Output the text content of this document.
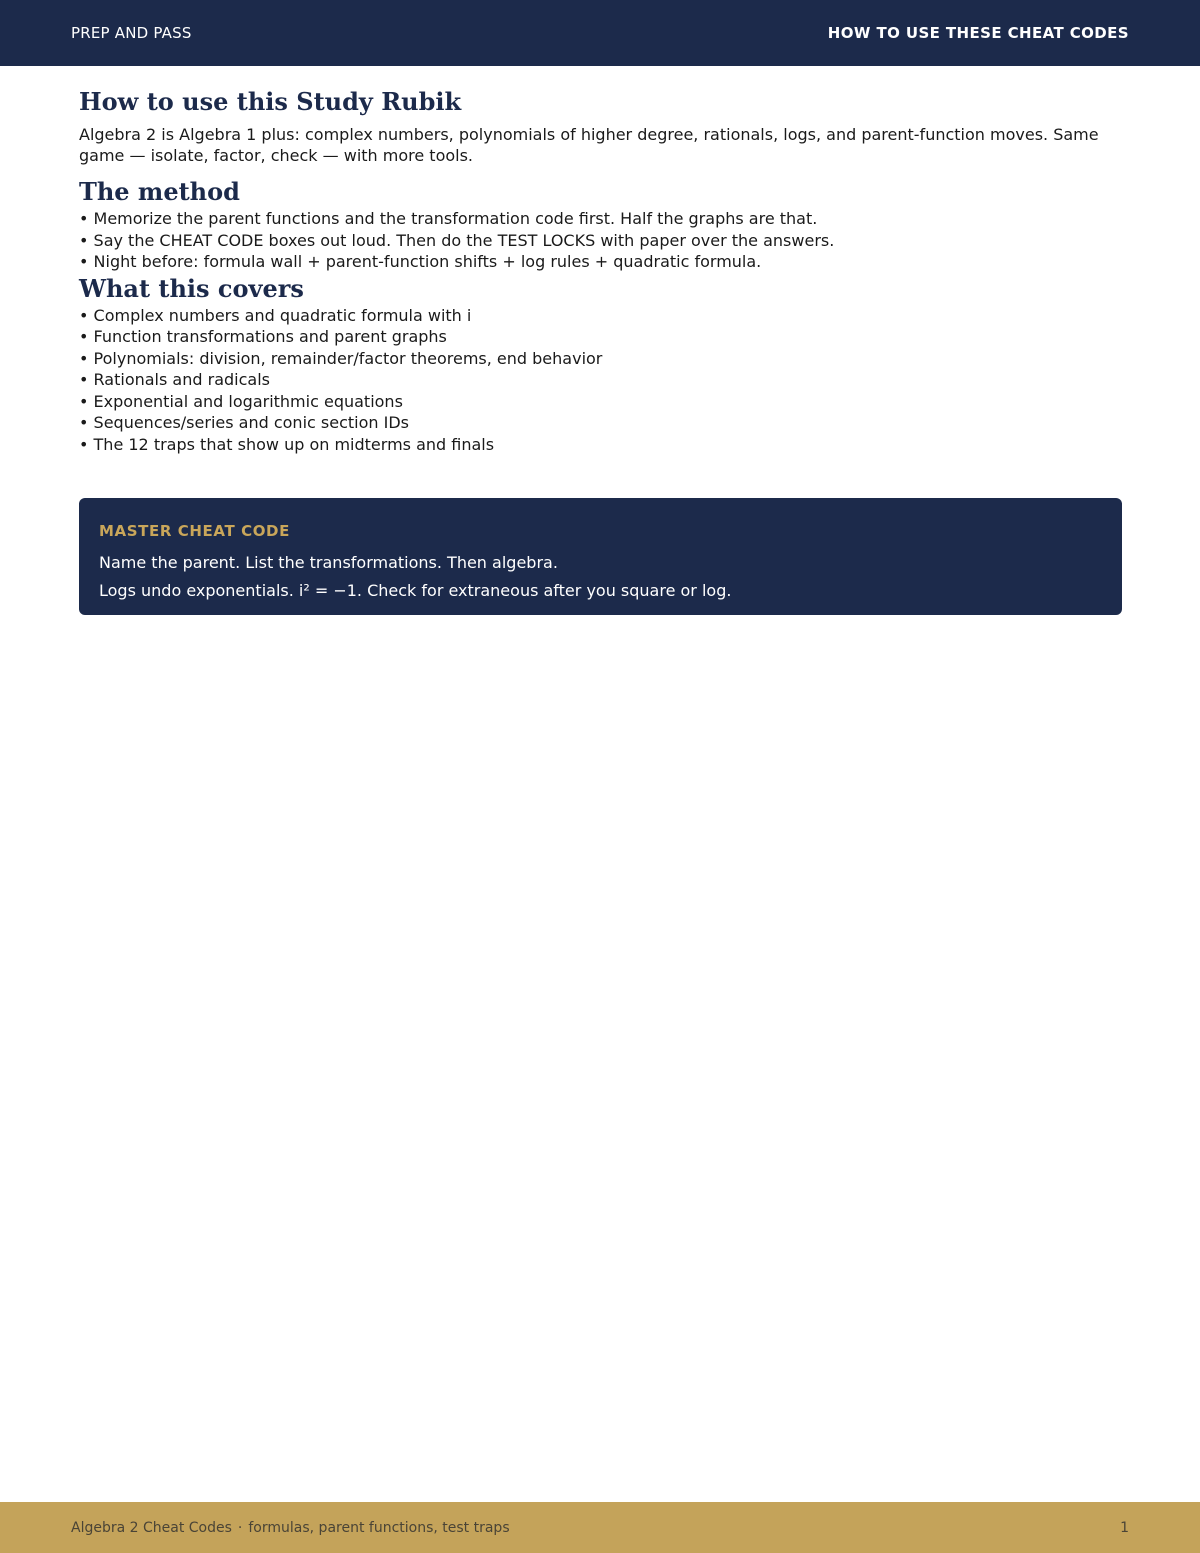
PREP AND PASS	HOW TO USE THESE CHEAT CODES
How to use this Study Rubik

Algebra 2 is Algebra 1 plus: complex numbers, polynomials of higher degree, rationals, logs, and parent-function moves. Same game — isolate, factor, check — with more tools.

The method
• Memorize the parent functions and the transformation code first. Half the graphs are that.
• Say the CHEAT CODE boxes out loud. Then do the TEST LOCKS with paper over the answers.
• Night before: formula wall + parent-function shifts + log rules + quadratic formula.
What this covers
• Complex numbers and quadratic formula with i
• Function transformations and parent graphs
• Polynomials: division, remainder/factor theorems, end behavior
• Rationals and radicals
• Exponential and logarithmic equations
• Sequences/series and conic section IDs
• The 12 traps that show up on midterms and finals
MASTER CHEAT CODE
Name the parent. List the transformations. Then algebra.
Logs undo exponentials. i² = −1. Check for extraneous after you square or log.
Algebra 2 Cheat Codes · formulas, parent functions, test traps	1
